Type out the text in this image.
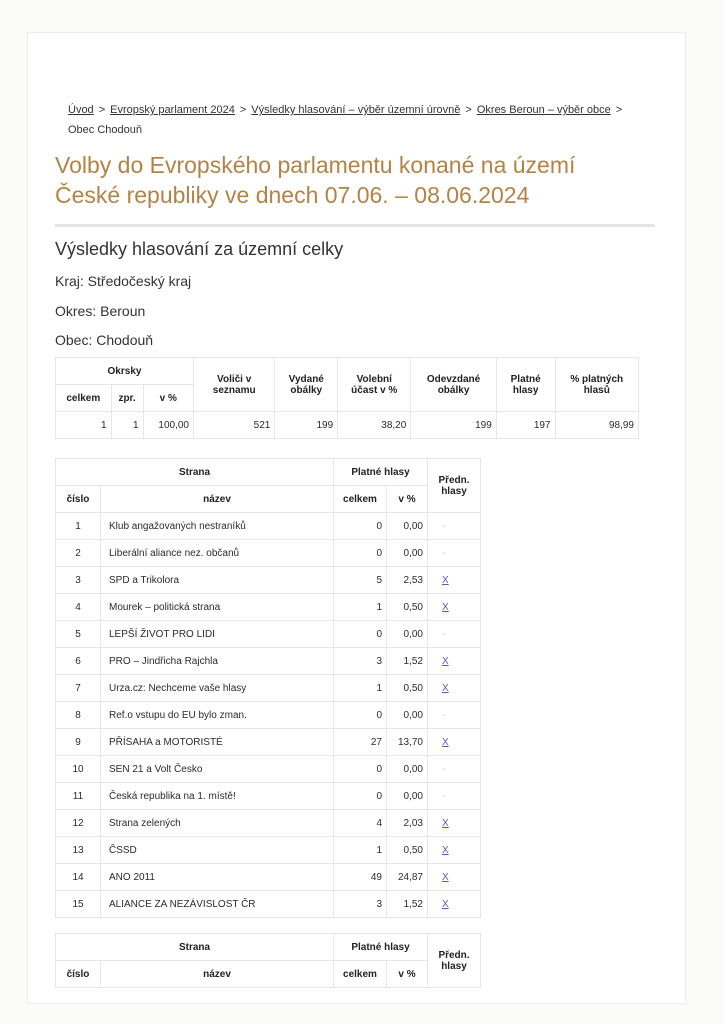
Úvod > Evropský parlament 2024 > Výsledky hlasování – výběr územní úrovně > Okres Beroun – výběr obce >
Obec Chodouň
Volby do Evropského parlamentu konané na území České republiky ve dnech 07.06. – 08.06.2024
Výsledky hlasování za územní celky
Kraj: Středočeský kraj
Okres: Beroun
Obec: Chodouň
Okrsky			Voliči v seznamu	Vydané obálky	Volební účast v %	Odevzdané obálky	Platné hlasy	% platných hlasů
celkem	zpr.	v %						
1	1	100,00	521	199	38,20	199	197	98,99
Strana		Platné hlasy		Předn. hlasy
číslo	název	celkem	v %	
1	Klub angažovaných nestraníků	0	0,00	-
2	Liberální aliance nez. občanů	0	0,00	-
3	SPD a Trikolora	5	2,53	X
4	Mourek – politická strana	1	0,50	X
5	LEPŠÍ ŽIVOT PRO LIDI	0	0,00	-
6	PRO – Jindřicha Rajchla	3	1,52	X
7	Urza.cz: Nechceme vaše hlasy	1	0,50	X
8	Ref.o vstupu do EU bylo zman.	0	0,00	-
9	PŘÍSAHA a MOTORISTÉ	27	13,70	X
10	SEN 21 a Volt Česko	0	0,00	-
11	Česká republika na 1. místě!	0	0,00	-
12	Strana zelených	4	2,03	X
13	ČSSD	1	0,50	X
14	ANO 2011	49	24,87	X
15	ALIANCE ZA NEZÁVISLOST ČR	3	1,52	X
Strana		Platné hlasy		Předn. hlasy
číslo	název	celkem	v %	
